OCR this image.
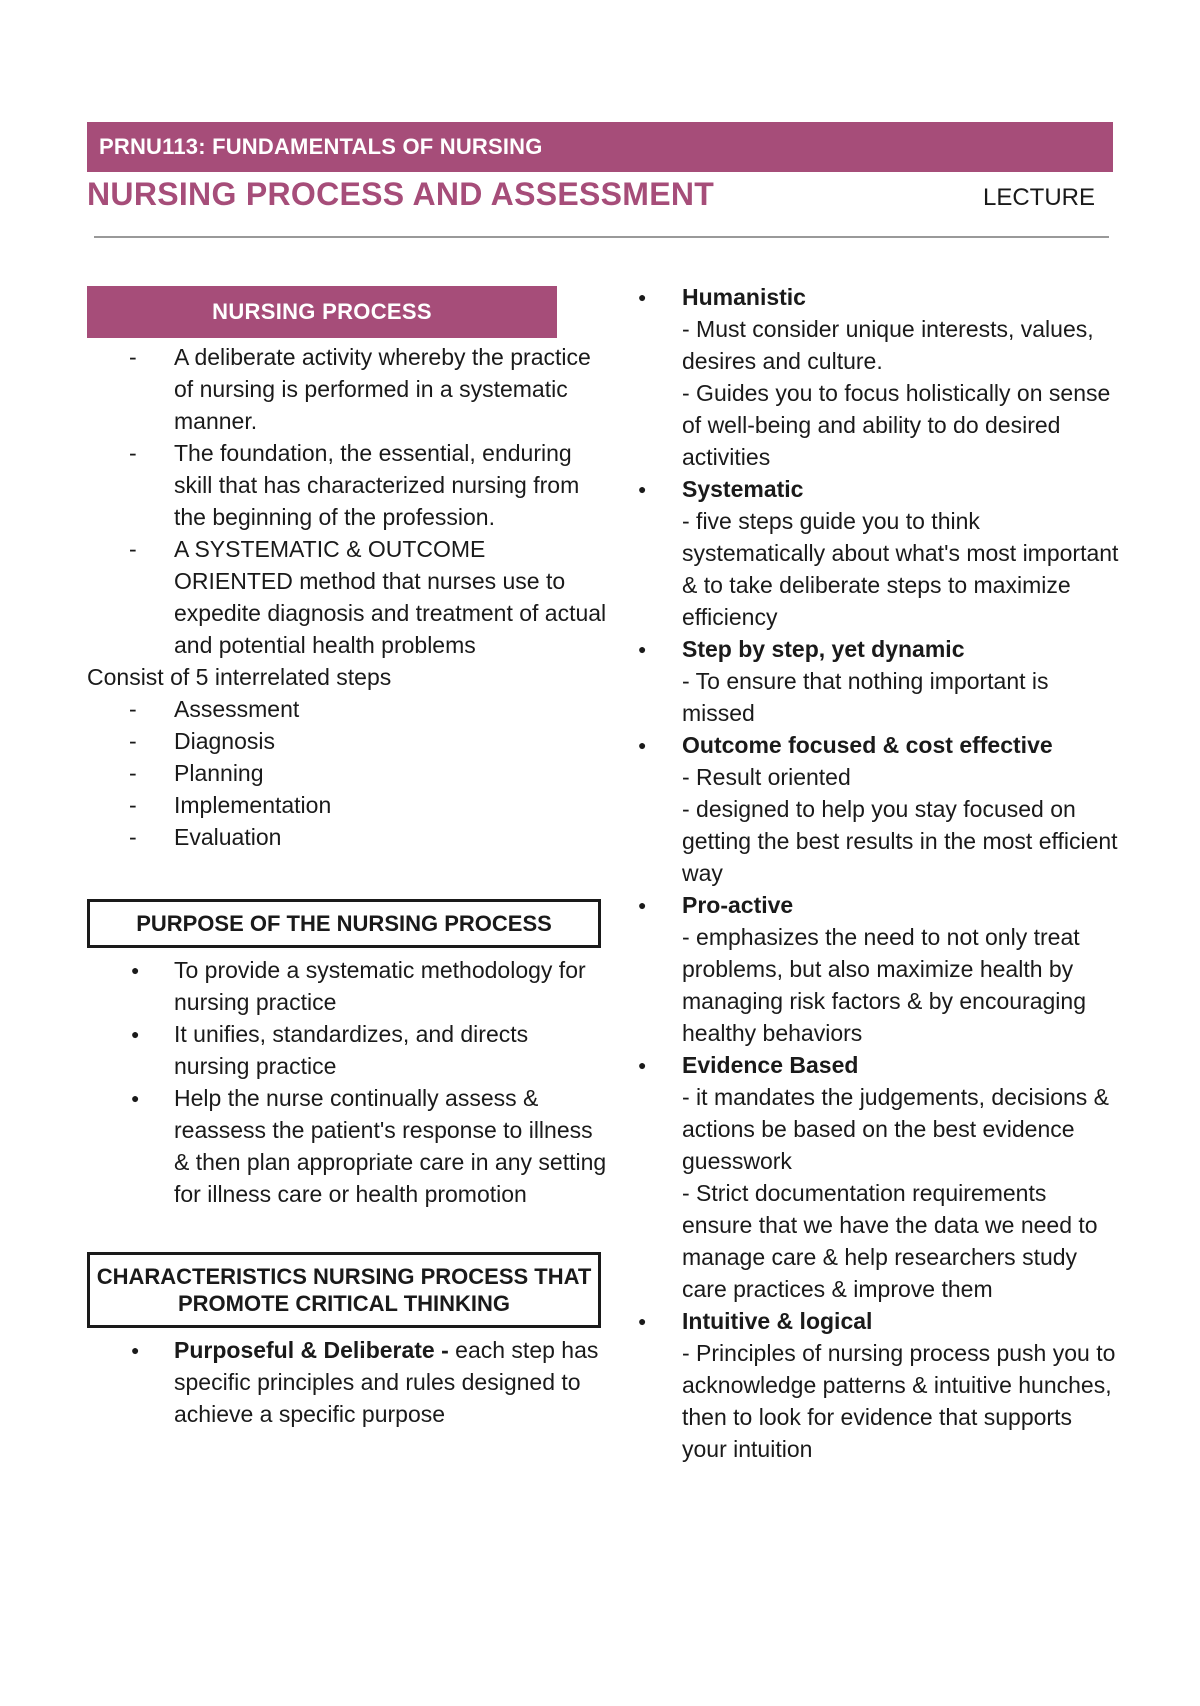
PRNU113: FUNDAMENTALS OF NURSING
NURSING PROCESS AND ASSESSMENT	LECTURE
NURSING PROCESS
- A deliberate activity whereby the practice of nursing is performed in a systematic manner.
- The foundation, the essential, enduring skill that has characterized nursing from the beginning of the profession.
- A SYSTEMATIC & OUTCOME ORIENTED method that nurses use to expedite diagnosis and treatment of actual and potential health problems
Consist of 5 interrelated steps
- Assessment
- Diagnosis
- Planning
- Implementation
- Evaluation
PURPOSE OF THE NURSING PROCESS
● To provide a systematic methodology for nursing practice
● It unifies, standardizes, and directs nursing practice
● Help the nurse continually assess & reassess the patient's response to illness & then plan appropriate care in any setting for illness care or health promotion
CHARACTERISTICS NURSING PROCESS THAT PROMOTE CRITICAL THINKING
● Purposeful & Deliberate - each step has specific principles and rules designed to achieve a specific purpose
● Humanistic
- Must consider unique interests, values, desires and culture.
- Guides you to focus holistically on sense of well-being and ability to do desired activities
● Systematic
- five steps guide you to think systematically about what's most important & to take deliberate steps to maximize efficiency
● Step by step, yet dynamic
- To ensure that nothing important is missed
● Outcome focused & cost effective
- Result oriented
- designed to help you stay focused on getting the best results in the most efficient way
● Pro-active
- emphasizes the need to not only treat problems, but also maximize health by managing risk factors & by encouraging healthy behaviors
● Evidence Based
- it mandates the judgements, decisions & actions be based on the best evidence guesswork
- Strict documentation requirements ensure that we have the data we need to manage care & help researchers study care practices & improve them
● Intuitive & logical
- Principles of nursing process push you to acknowledge patterns & intuitive hunches, then to look for evidence that supports your intuition
